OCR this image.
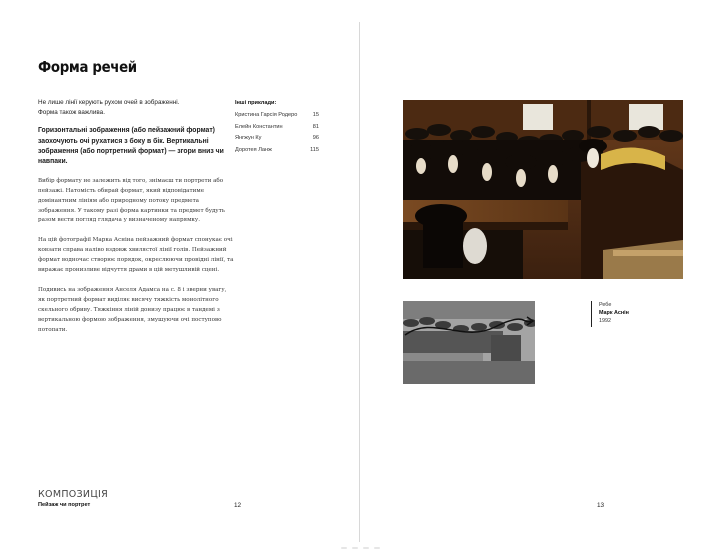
Форма речей

Не лише лінії керують рухом очей в зображенні.

Форма також важлива.

Горизонтальні зображення (або пейзажний формат) заохочують очі рухатися з боку в бік. Вертикальні зображення (або портретний формат) — згори вниз чи навпаки.

Вибір формату не залежить від того, знімаєш ти портрети або пейзажі. Натомість обирай формат, який відповідатиме домінантним лініям або природному потоку предмета зображення. У такому разі форма картинки та предмет будуть разом вести погляд глядача у визначеному напрямку.

На цій фотографії Марка Асніна пейзажний формат спонукає очі ковзати справа наліво вздовж хвилястої лінії голів. Пейзажний формат водночас створює порядок, окреслюючи провідні лінії, та виражає пронизливе відчуття драми в цій метушливій сцені.

Подивись на зображення Анселя Адамса на с. 8 і зверни увагу, як портретний формат виділяє висячу тяжкість монолітного скельного обриву. Тяжкіння ліній донизу працює в тандемі з вертикальною формою зображення, змушуючи очі поступово потопати.

Інші приклади:
Кристина Гарсія Родеро	15
Елейн Константин	81
Янгжун Ку	96
Доротея Ланж	115
КОМПОЗИЦІЯ
Пейзаж чи портрет	12
Ребе
Марк Аснін
1992
13
